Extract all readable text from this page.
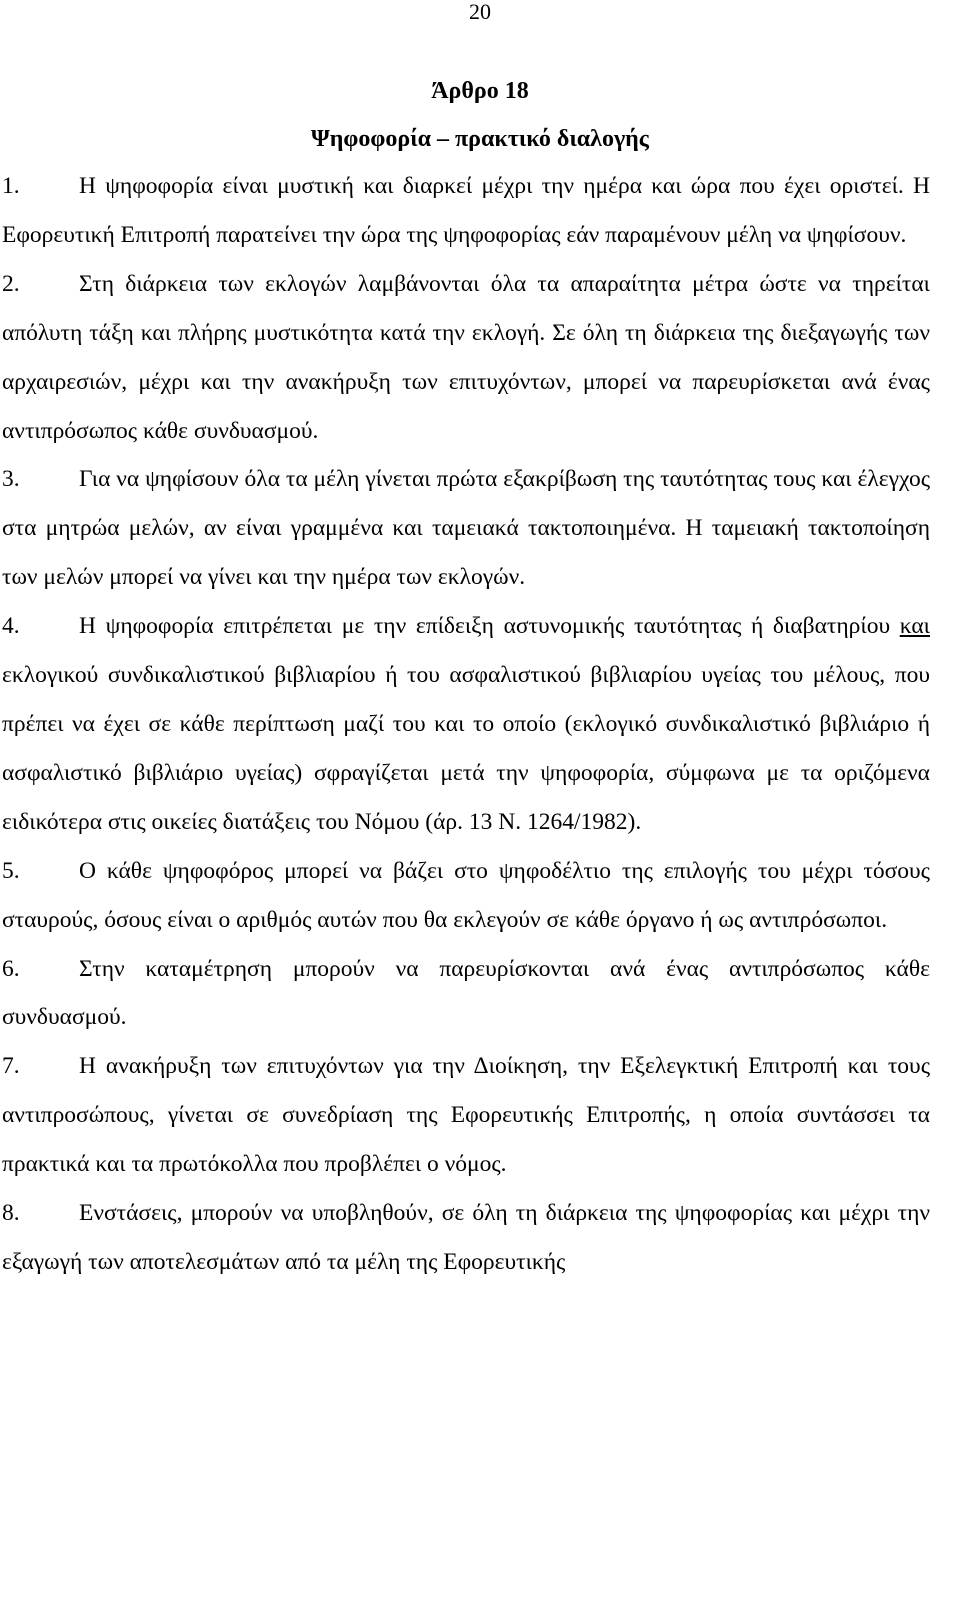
20
Άρθρο 18
Ψηφοφορία – πρακτικό διαλογής

1.	Η ψηφοφορία είναι μυστική και διαρκεί μέχρι την ημέρα και ώρα που έχει οριστεί. Η Εφορευτική Επιτροπή παρατείνει την ώρα της ψηφοφορίας εάν παραμένουν μέλη να ψηφίσουν.

2.	Στη διάρκεια των εκλογών λαμβάνονται όλα τα απαραίτητα μέτρα ώστε να τηρείται απόλυτη τάξη και πλήρης μυστικότητα κατά την εκλογή. Σε όλη τη διάρκεια της διεξαγωγής των αρχαιρεσιών, μέχρι και την ανακήρυξη των επιτυχόντων, μπορεί να παρευρίσκεται ανά ένας αντιπρόσωπος κάθε συνδυασμού.

3.	Για να ψηφίσουν όλα τα μέλη γίνεται πρώτα εξακρίβωση της ταυτότητας τους και έλεγχος στα μητρώα μελών, αν είναι γραμμένα και ταμειακά τακτοποιημένα. Η ταμειακή τακτοποίηση των μελών μπορεί να γίνει και την ημέρα των εκλογών.

4.	Η ψηφοφορία επιτρέπεται με την επίδειξη αστυνομικής ταυτότητας ή διαβατηρίου και εκλογικού συνδικαλιστικού βιβλιαρίου ή του ασφαλιστικού βιβλιαρίου υγείας του μέλους, που πρέπει να έχει σε κάθε περίπτωση μαζί του και το οποίο (εκλογικό συνδικαλιστικό βιβλιάριο ή ασφαλιστικό βιβλιάριο υγείας) σφραγίζεται μετά την ψηφοφορία, σύμφωνα με τα οριζόμενα ειδικότερα στις οικείες διατάξεις του Νόμου (άρ. 13 Ν. 1264/1982).

5.	Ο κάθε ψηφοφόρος μπορεί να βάζει στο ψηφοδέλτιο της επιλογής του μέχρι τόσους σταυρούς, όσους είναι ο αριθμός αυτών που θα εκλεγούν σε κάθε όργανο ή ως αντιπρόσωποι.

6.	Στην καταμέτρηση μπορούν να παρευρίσκονται ανά ένας αντιπρόσωπος κάθε συνδυασμού.

7.	Η ανακήρυξη των επιτυχόντων για την Διοίκηση, την Εξελεγκτική Επιτροπή και τους αντιπροσώπους, γίνεται σε συνεδρίαση της Εφορευτικής Επιτροπής, η οποία συντάσσει τα πρακτικά και τα πρωτόκολλα που προβλέπει ο νόμος.

8.	Ενστάσεις, μπορούν να υποβληθούν, σε όλη τη διάρκεια της ψηφοφορίας και μέχρι την εξαγωγή των αποτελεσμάτων από τα μέλη της Εφορευτικής
